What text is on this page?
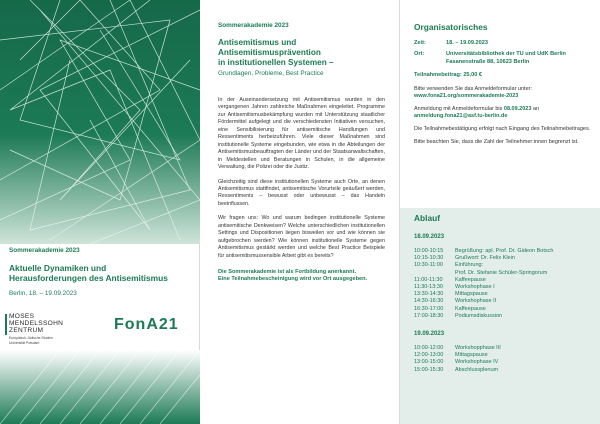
Sommerakademie 2023
Aktuelle Dynamiken und
Herausforderungen des Antisemitismus
Berlin, 18. – 19.09.2023
MOSES
MENDELSSOHN
ZENTRUM
Europäisch-Jüdische Studien
Universität Potsdam
FonA21
Sommerakademie 2023
Antisemitismus und Antisemitismusprävention
in institutionellen Systemen –
Grundlagen, Probleme, Best Practice

In der Auseinandersetzung mit Antisemitismus wurden in den vergangenen Jahren zahlreiche Maßnahmen eingeleitet. Programme zur Antisemitismusbekämpfung wurden mit Unterstützung staatlicher Fördermittel aufgelegt und die verschiedensten Initiativen versuchen, eine Sensibilisierung für antisemitische Handlungen und Ressentiments herbeizuführen. Viele dieser Maßnahmen sind institutionelle Systeme eingebunden, wie etwa in die Abteilungen der Antisemitismusbeauftragten der Länder und der Staatsanwaltschaften, in Meldestellen und Beratungen in Schulen, in die allgemeine Verwaltung, die Polizei oder die Justiz.

Gleichzeitig sind diese institutionellen Systeme auch Orte, an denen Antisemitismus stattfindet, antisemitische Vorurteile geäußert werden, Ressentiments – bewusst oder unbewusst – das Handeln beeinflussen.

Wir fragen uns: Wo und warum bedingen institutionelle Systeme antisemitische Denkweisen? Welche unterschiedlichen institutionellen Settings und Dispositionen liegen bisweilen vor und wie können sie aufgebrochen werden? Wie können institutionelle Systeme gegen Antisemitismus gestärkt werden und welche Best Practice Beispiele für antisemitismussensible Arbeit gibt es bereits?

Die Sommerakademie ist als Fortbildung anerkannt.
Eine Teilnahmebescheinigung wird vor Ort ausgegeben.
Organisatorisches
Zeit:	18. – 19.09.2023
Ort:	Universitätsbibliothek der TU und UdK Berlin
Fasanenstraße 88, 10623 Berlin
Teilnahmebeitrag: 25,00 €
Bitte verwenden Sie das Anmeldeformular unter:
www.fona21.org/sommerakademie-2023
Anmeldung mit Anmeldeformular bis 08.09.2023 an
anmeldung.fona21@asf.tu-berlin.de
Die Teilnahmebestätigung erfolgt nach Eingang des Teilnahmebeitrages.
Bitte beachten Sie, dass die Zahl der Teilnehmer:innen begrenzt ist.
Ablauf
18.09.2023
10:00-10:15	Begrüßung: apl. Prof. Dr. Gideon Botsch
10:15-10:30	Grußwort: Dr. Felix Klein
10:30-11:00	Einführung:
Prof. Dr. Stefanie Schüler-Springorum
11:00-11:30	Kaffeepause
11:30-13:30	Workshophase I
13:30-14:30	Mittagspause
14:30-16:30	Workshophase II
16:30-17:00	Kaffeepause
17:00-18:30	Podiumsdiskussion
19.09.2023
10:00-12:00	Workshopphase III
12:00-13:00	Mittagspause
13:00-15:00	Workshophase IV
15:00-15:30	Abschlussplenum
